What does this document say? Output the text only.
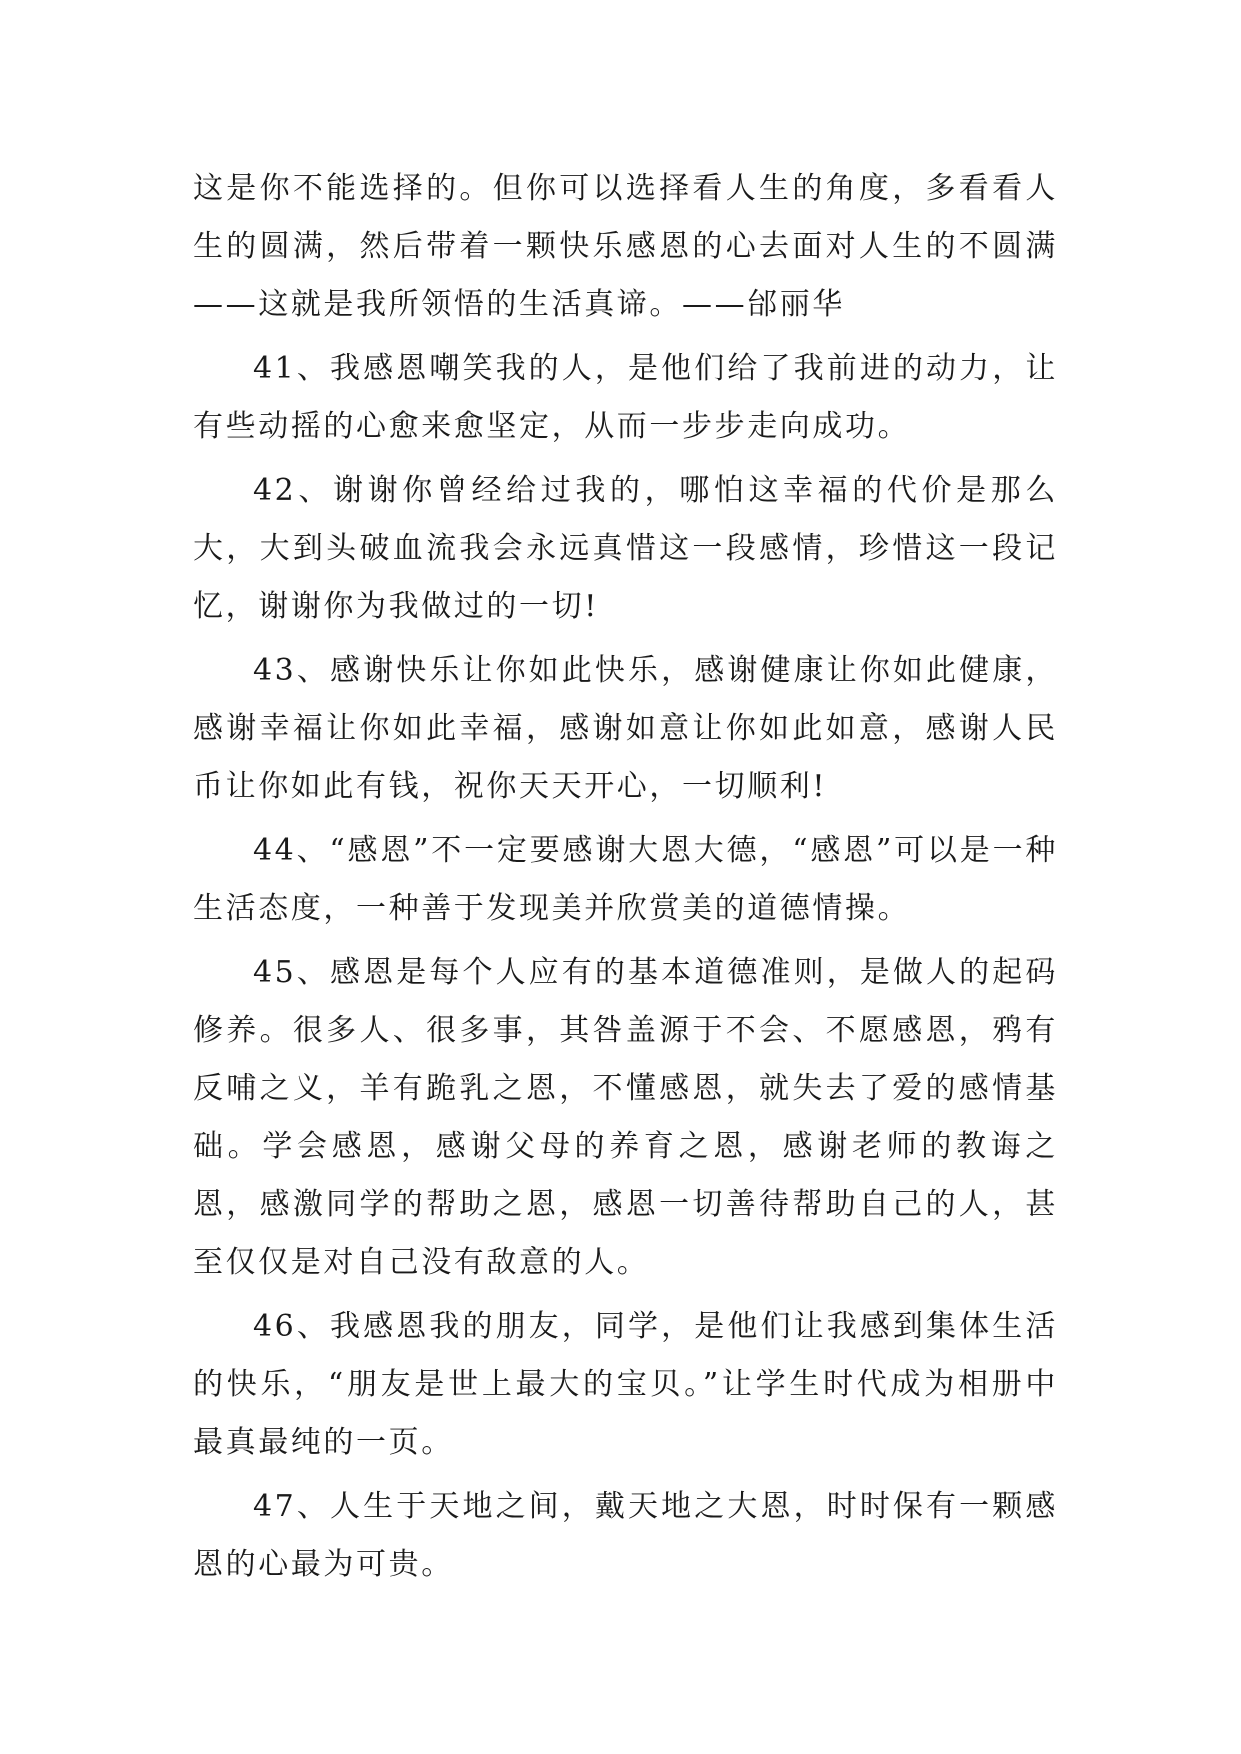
这是你不能选择的。但你可以选择看人生的角度，多看看人生的圆满，然后带着一颗快乐感恩的心去面对人生的不圆满——这就是我所领悟的生活真谛。——邰丽华

41、我感恩嘲笑我的人，是他们给了我前进的动力，让有些动摇的心愈来愈坚定，从而一步步走向成功。

42、谢谢你曾经给过我的，哪怕这幸福的代价是那么大，大到头破血流我会永远真惜这一段感情，珍惜这一段记忆，谢谢你为我做过的一切!

43、感谢快乐让你如此快乐，感谢健康让你如此健康，感谢幸福让你如此幸福，感谢如意让你如此如意，感谢人民币让你如此有钱，祝你天天开心，一切顺利!

44、“感恩”不一定要感谢大恩大德，“感恩”可以是一种生活态度，一种善于发现美并欣赏美的道德情操。

45、感恩是每个人应有的基本道德准则，是做人的起码修养。很多人、很多事，其咎盖源于不会、不愿感恩，鸦有反哺之义，羊有跪乳之恩，不懂感恩，就失去了爱的感情基础。学会感恩，感谢父母的养育之恩，感谢老师的教诲之恩，感激同学的帮助之恩，感恩一切善待帮助自己的人，甚至仅仅是对自己没有敌意的人。

46、我感恩我的朋友，同学，是他们让我感到集体生活的快乐，“朋友是世上最大的宝贝。”让学生时代成为相册中最真最纯的一页。

47、人生于天地之间，戴天地之大恩，时时保有一颗感恩的心最为可贵。
